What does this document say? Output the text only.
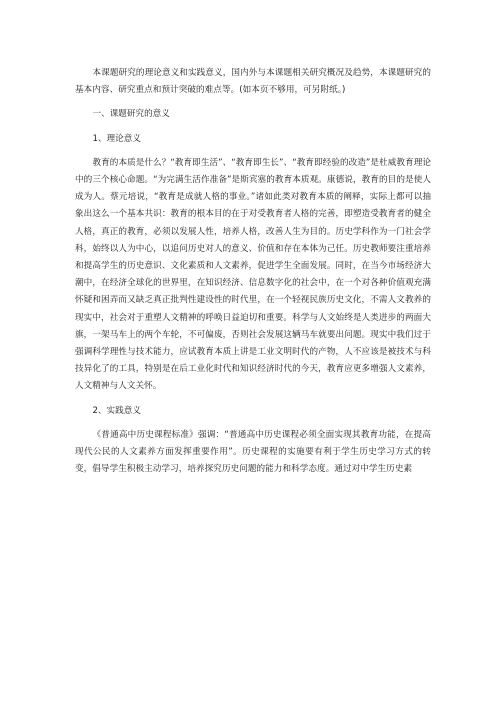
本课题研究的理论意义和实践意义，国内外与本课题相关研究概况及趋势，本课题研究的基本内容、研究重点和预计突破的难点等。(如本页不够用，可另附纸。)

一、课题研究的意义

1、理论意义

教育的本质是什么？“教育即生活”、“教育即生长”、“教育即经验的改造”是杜威教育理论中的三个核心命题。“为完满生活作准备”是斯宾塞的教育本质观。康德说，教育的目的是使人成为人。蔡元培说，“教育是成就人格的事业。”诸如此类对教育本质的阐释，实际上都可以抽象出这么一个基本共识：教育的根本目的在于对受教育者人格的完善，即塑造受教育者的健全人格，真正的教育，必须以发展人性，培养人格，改善人生为目的。历史学科作为一门社会学科，始终以人为中心，以追问历史对人的意义、价值和存在本体为己任。历史教师要注重培养和提高学生的历史意识、文化素质和人文素养，促进学生全面发展。同时，在当今市场经济大潮中，在经济全球化的世界里，在知识经济、信息数字化的社会中，在一个对各种价值观充满怀疑和困弄而又缺乏真正批判性建设性的时代里，在一个轻视民族历史文化，不需人文教养的现实中，社会对于重塑人文精神的呼唤日益迫切和重要。科学与人文始终是人类进步的两面大旗，一架马车上的两个车轮，不可偏废，否则社会发展这辆马车就要出问题。现实中我们过于强调科学理性与技术能力，应试教育本质上讲是工业文明时代的产物，人不应该是被技术与科技异化了的工具，特别是在后工业化时代和知识经济时代的今天，教育应更多增强人文素养，人文精神与人文关怀。

2、实践意义

《普通高中历史课程标准》强调：“普通高中历史课程必须全面实现其教育功能，在提高现代公民的人文素养方面发挥重要作用”。历史课程的实施要有利于学生历史学习方式的转变，倡导学生积极主动学习，培养探究历史问题的能力和科学态度。通过对中学生历史素
